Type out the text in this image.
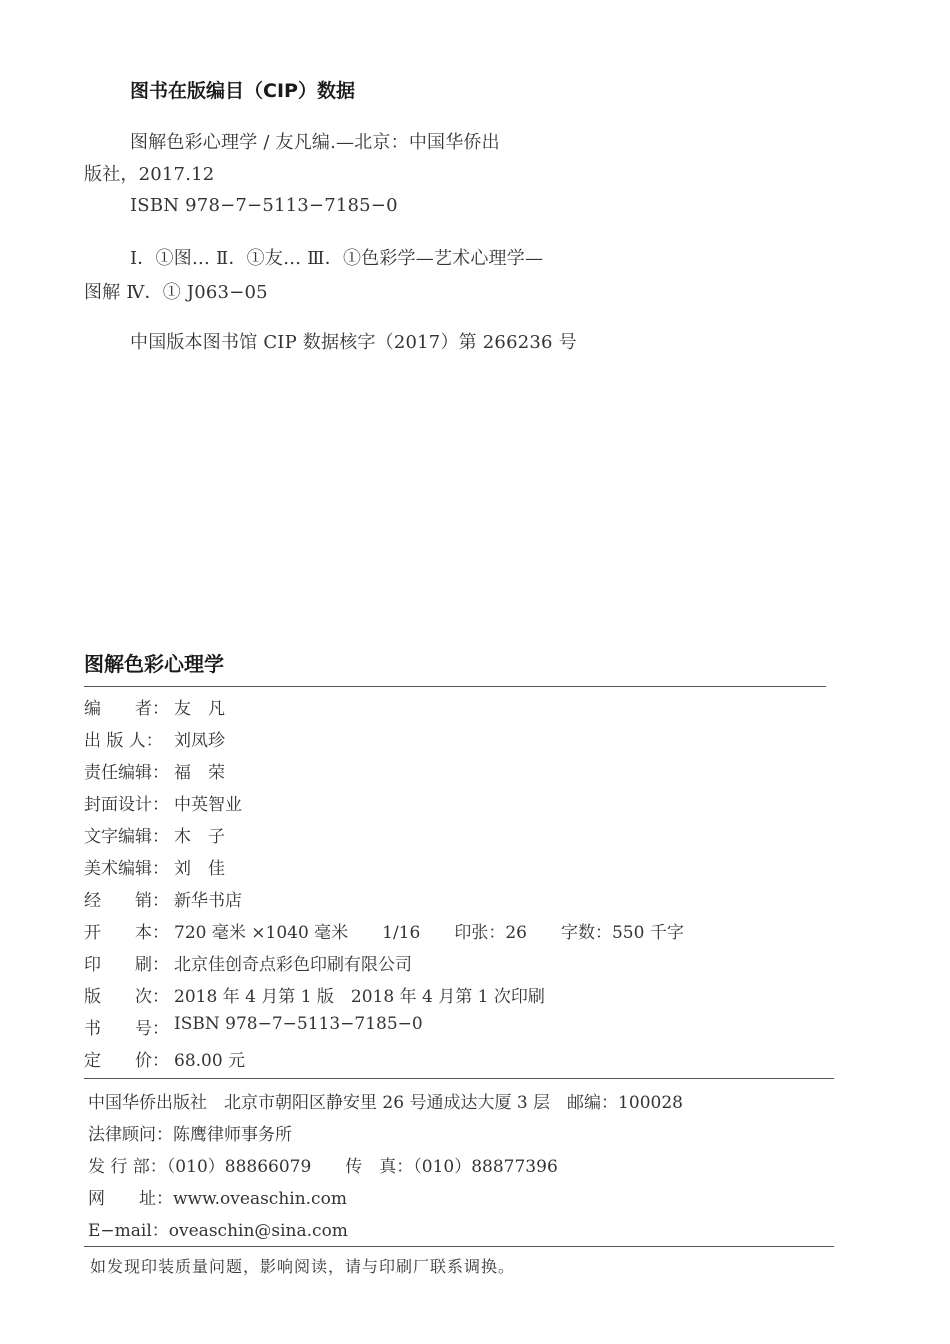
图书在版编目（CIP）数据
图解色彩心理学 / 友凡编.—北京：中国华侨出
版社，2017.12
ISBN 978−7−5113−7185−0
Ⅰ．①图… Ⅱ．①友… Ⅲ．①色彩学—艺术心理学—
图解 Ⅳ．① J063−05
中国版本图书馆 CIP 数据核字（2017）第 266236 号
图解色彩心理学
编　　者： 友　凡
出 版 人： 刘凤珍
责任编辑： 福　荣
封面设计： 中英智业
文字编辑： 木　子
美术编辑： 刘　佳
经　　销： 新华书店
开　　本： 720 毫米 ×1040 毫米　　1/16　　印张：26　　字数：550 千字
印　　刷： 北京佳创奇点彩色印刷有限公司
版　　次： 2018 年 4 月第 1 版　2018 年 4 月第 1 次印刷
书　　号： ISBN 978−7−5113−7185−0
定　　价： 68.00 元
中国华侨出版社　北京市朝阳区静安里 26 号通成达大厦 3 层　邮编：100028
法律顾问：陈鹰律师事务所
发 行 部：（010）88866079　　传　真：（010）88877396
网　　址：www.oveaschin.com
E−mail：oveaschin@sina.com
如发现印装质量问题，影响阅读，请与印刷厂联系调换。
